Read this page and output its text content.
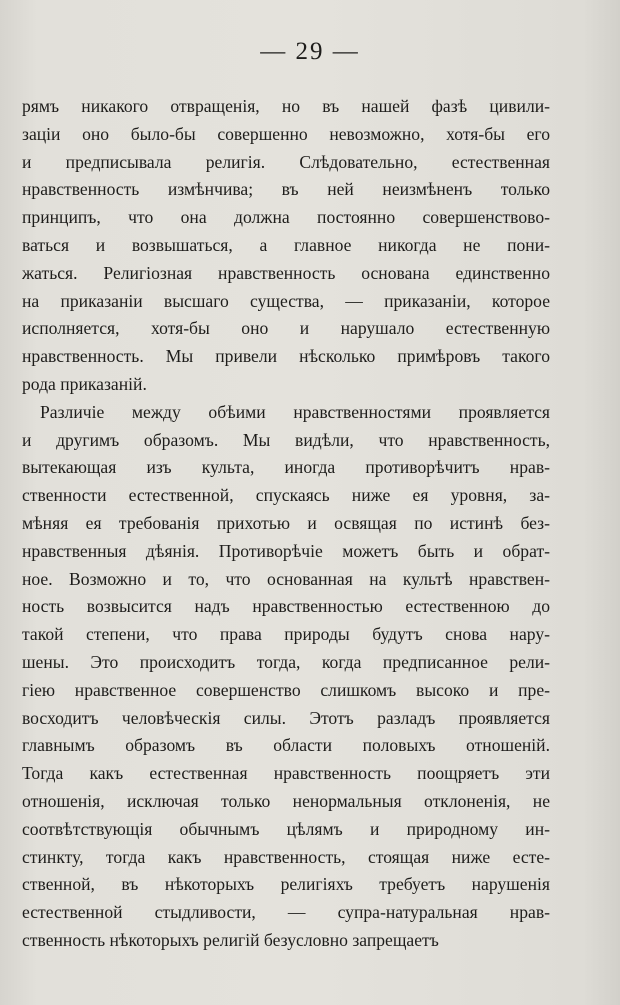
— 29 —
рямъ никакого отвращенія, но въ нашей фазѣ цивили-
заціи оно было-бы совершенно невозможно, хотя-бы его
и предписывала религія. Слѣдовательно, естественная
нравственность измѣнчива; въ ней неизмѣненъ только
принципъ, что она должна постоянно совершенствово-
ваться и возвышаться, а главное никогда не пони-
жаться. Религіозная нравственность основана единственно
на приказаніи высшаго существа, — приказаніи, которое
исполняется, хотя-бы оно и нарушало естественную
нравственность. Мы привели нѣсколько примѣровъ такого
рода приказаній.
Различіе между обѣими нравственностями проявляется
и другимъ образомъ. Мы видѣли, что нравственность,
вытекающая изъ культа, иногда противорѣчитъ нрав-
ственности естественной, спускаясь ниже ея уровня, за-
мѣняя ея требованія прихотью и освящая по истинѣ без-
нравственныя дѣянія. Противорѣчіе можетъ быть и обрат-
ное. Возможно и то, что основанная на культѣ нравствен-
ность возвысится надъ нравственностью естественною до
такой степени, что права природы будутъ снова нару-
шены. Это происходитъ тогда, когда предписанное рели-
гіею нравственное совершенство слишкомъ высоко и пре-
восходитъ человѣческія силы. Этотъ разладъ проявляется
главнымъ образомъ въ области половыхъ отношеній.
Тогда какъ естественная нравственность поощряетъ эти
отношенія, исключая только ненормальныя отклоненія, не
соотвѣтствующія обычнымъ цѣлямъ и природному ин-
стинкту, тогда какъ нравственность, стоящая ниже есте-
ственной, въ нѣкоторыхъ религіяхъ требуетъ нарушенія
естественной стыдливости, — супра-натуральная нрав-
ственность нѣкоторыхъ религій безусловно запрещаетъ
